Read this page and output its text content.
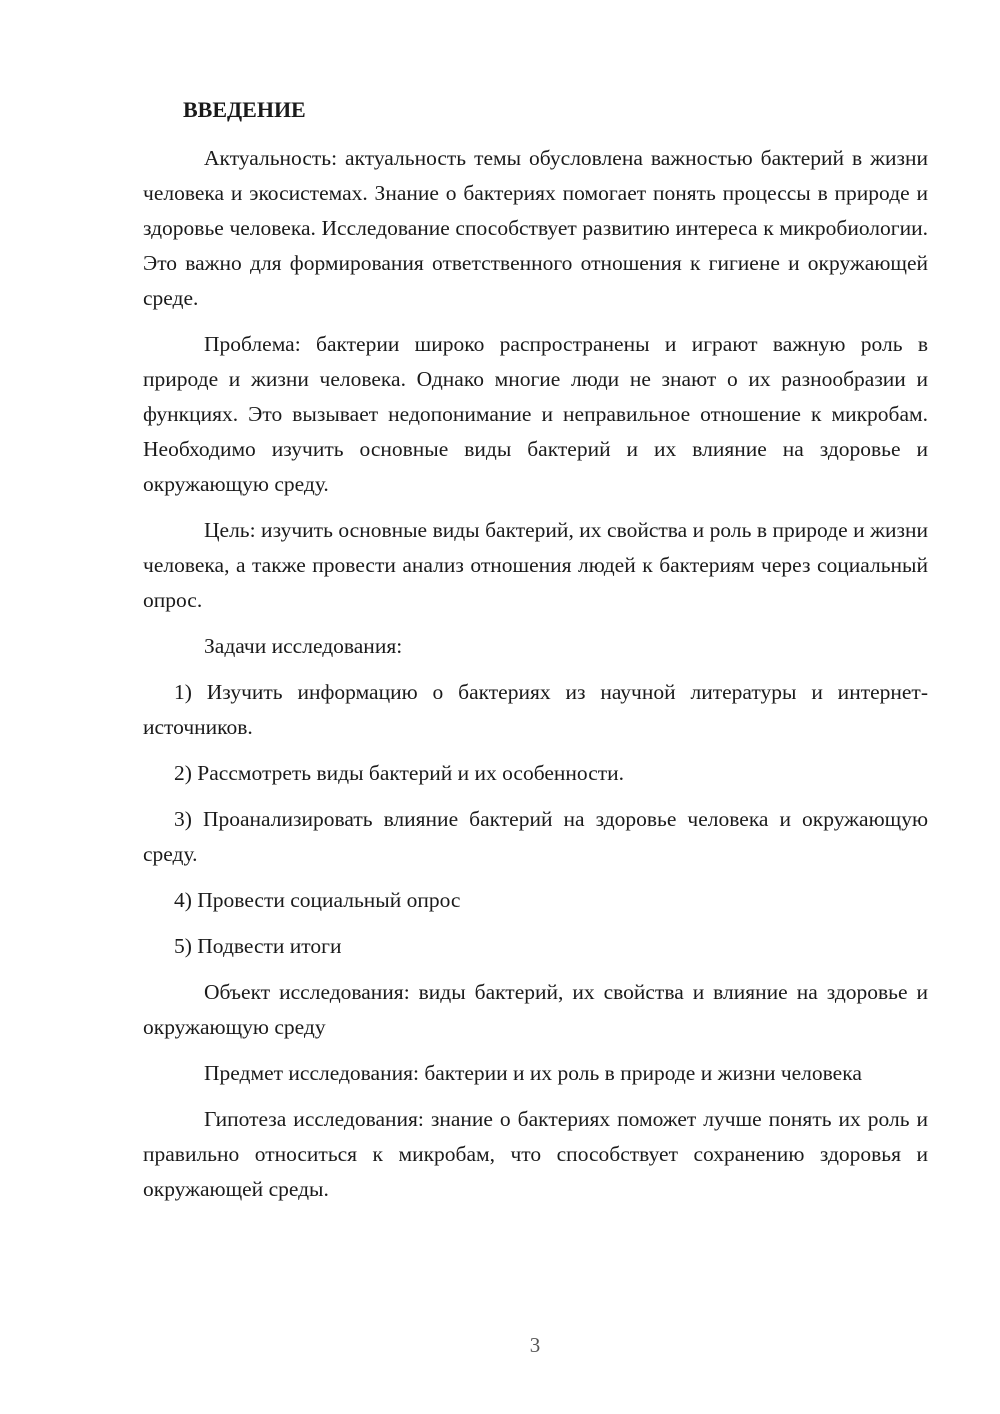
ВВЕДЕНИЕ

Актуальность: актуальность темы обусловлена важностью бактерий в жизни человека и экосистемах. Знание о бактериях помогает понять процессы в природе и здоровье человека. Исследование способствует развитию интереса к микробиологии. Это важно для формирования ответственного отношения к гигиене и окружающей среде.

Проблема: бактерии широко распространены и играют важную роль в природе и жизни человека. Однако многие люди не знают о их разнообразии и функциях. Это вызывает недопонимание и неправильное отношение к микробам. Необходимо изучить основные виды бактерий и их влияние на здоровье и окружающую среду.

Цель: изучить основные виды бактерий, их свойства и роль в природе и жизни человека, а также провести анализ отношения людей к бактериям через социальный опрос.

Задачи исследования:

1) Изучить информацию о бактериях из научной литературы и интернет-источников.

2) Рассмотреть виды бактерий и их особенности.

3) Проанализировать влияние бактерий на здоровье человека и окружающую среду.

4) Провести социальный опрос

5) Подвести итоги

Объект исследования: виды бактерий, их свойства и влияние на здоровье и окружающую среду

Предмет исследования: бактерии и их роль в природе и жизни человека

Гипотеза исследования: знание о бактериях поможет лучше понять их роль и правильно относиться к микробам, что способствует сохранению здоровья и окружающей среды.

3
